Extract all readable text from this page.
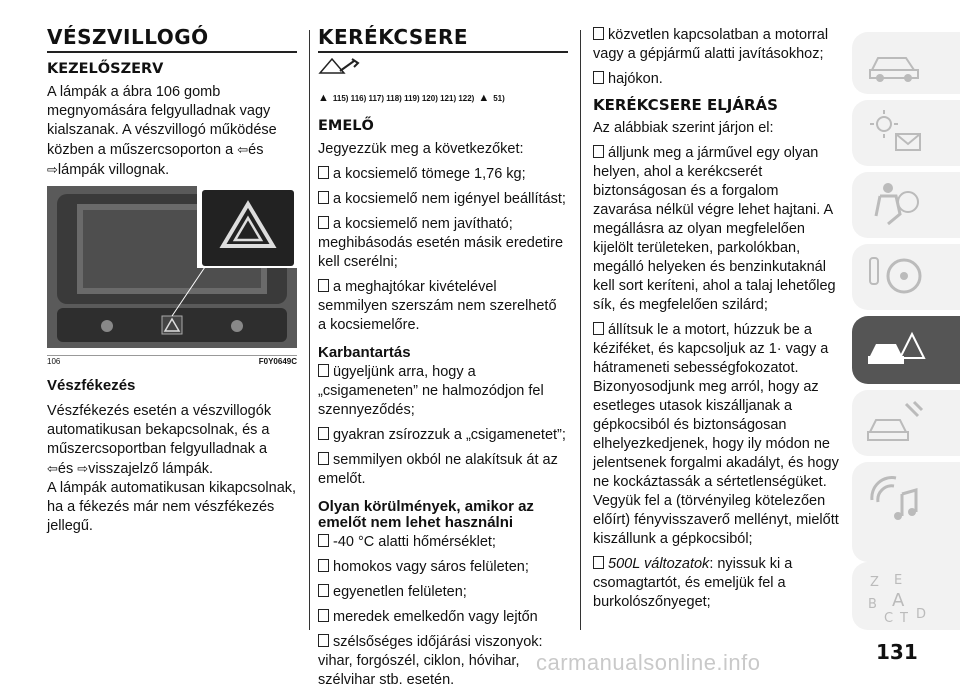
VÉSZVILLOGÓ
KEZELŐSZERV

A lámpák a ábra 106 gomb megnyomására felgyulladnak vagy kialszanak. A vészvillogó működése közben a műszercsoporton a ⇦és
⇨lámpák villognak.

106	F0Y0649C
Vészfékezés

Vészfékezés esetén a vészvillogók automatikusan bekapcsolnak, és a műszercsoportban felgyulladnak a
⇦és ⇨visszajelző lámpák.

A lámpák automatikusan kikapcsolnak, ha a fékezés már nem vészfékezés jellegű.

KERÉKCSERE
▲ 115) 116) 117) 118) 119) 120) 121) 122) ▲ 51)
EMELŐ

Jegyezzük meg a következőket:

a kocsiemelő tömege 1,76 kg;
a kocsiemelő nem igényel beállítást;
a kocsiemelő nem javítható; meghibásodás esetén másik eredetire kell cserélni;
a meghajtókar kivételével semmilyen szerszám nem szerelhető a kocsiemelőre.
Karbantartás
ügyeljünk arra, hogy a „csigameneten” ne halmozódjon fel szennyeződés;
gyakran zsírozzuk a „csigamenetet”;
semmilyen okból ne alakítsuk át az emelőt.
Olyan körülmények, amikor az emelőt nem lehet használni
-40 °C alatti hőmérséklet;
homokos vagy sáros felületen;
egyenetlen felületen;
meredek emelkedőn vagy lejtőn
szélsőséges időjárási viszonyok: vihar, forgószél, ciklon, hóvihar, szélvihar stb. esetén.
közvetlen kapcsolatban a motorral vagy a gépjármű alatti javításokhoz;
hajókon.
KERÉKCSERE ELJÁRÁS

Az alábbiak szerint járjon el:

álljunk meg a járművel egy olyan helyen, ahol a kerékcserét biztonságosan és a forgalom zavarása nélkül végre lehet hajtani. A megállásra az olyan megfelelően kijelölt területeken, parkolókban, megálló helyeken és benzinkutaknál kell sort keríteni, ahol a talaj lehetőleg sík, és megfelelően szilárd;
állítsuk le a motort, húzzuk be a kéziféket, és kapcsoljuk az 1· vagy a hátrameneti sebességfokozatot. Bizonyosodjunk meg arról, hogy az esetleges utasok kiszálljanak a gépkocsiból és biztonságosan elhelyezkedjenek, hogy ily módon ne jelentsenek forgalmi akadályt, és hogy ne kockáztassák a sértetlenségüket. Vegyük fel a (törvényileg kötelezően előírt) fényvisszaverő mellényt, mielőtt kiszállunk a gépkocsiból;
500L változatok: nyissuk ki a csomagtartót, és emeljük fel a burkolószőnyeget;
Z E
B A
C T D
carmanualsonline.info	131
